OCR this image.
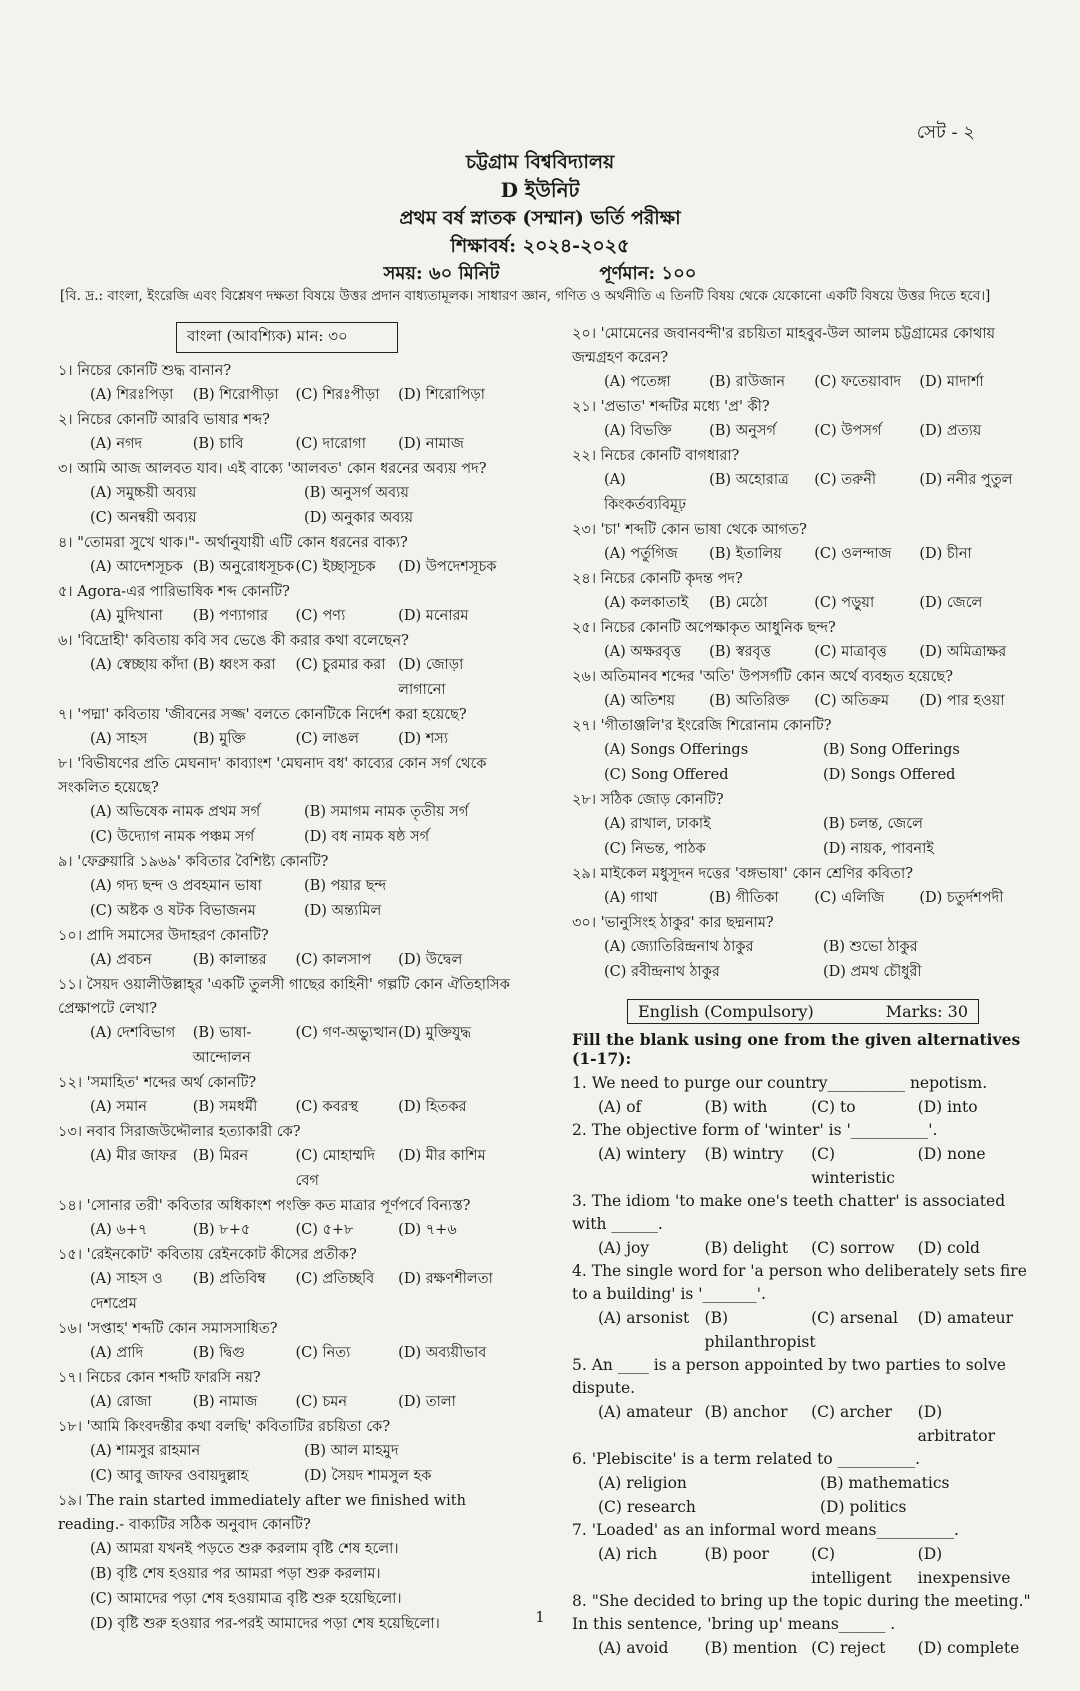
সেট - ২
চট্টগ্রাম বিশ্ববিদ্যালয়
D ইউনিট
প্রথম বর্ষ স্নাতক (সম্মান) ভর্তি পরীক্ষা
শিক্ষাবর্ষ: ২০২৪-২০২৫
সময়: ৬০ মিনিট	পূর্ণমান: ১০০
[বি. দ্র.: বাংলা, ইংরেজি এবং বিশ্লেষণ দক্ষতা বিষয়ে উত্তর প্রদান বাধ্যতামূলক। সাধারণ জ্ঞান, গণিত ও অর্থনীতি এ তিনটি বিষয় থেকে যেকোনো একটি বিষয়ে উত্তর দিতে হবে।]
বাংলা (আবশ্যিক) মান: ৩০
১। নিচের কোনটি শুদ্ধ বানান?
(A) শিরঃপিড়া	(B) শিরোপীড়া	(C) শিরঃপীড়া	(D) শিরোপিড়া
২। নিচের কোনটি আরবি ভাষার শব্দ?
(A) নগদ	(B) চাবি	(C) দারোগা	(D) নামাজ
৩। আমি আজ আলবত যাব। এই বাক্যে 'আলবত' কোন ধরনের অব্যয় পদ?
(A) সমুচ্চয়ী অব্যয়	(B) অনুসর্গ অব্যয়
(C) অনন্বয়ী অব্যয়	(D) অনুকার অব্যয়
৪। "তোমরা সুখে থাক।"- অর্থানুযায়ী এটি কোন ধরনের বাক্য?
(A) আদেশসূচক (B) অনুরোধসূচক (C) ইচ্ছাসূচক	(D) উপদেশসূচক
৫। Agora-এর পারিভাষিক শব্দ কোনটি?
(A) মুদিখানা	(B) পণ্যাগার	(C) পণ্য	(D) মনোরম
৬। 'বিদ্রোহী' কবিতায় কবি সব ভেঙে কী করার কথা বলেছেন?
(A) স্বেচ্ছায় কাঁদা (B) ধ্বংস করা	(C) চুরমার করা (D) জোড়া লাগানো
৭। 'পদ্মা' কবিতায় 'জীবনের সজ্জ' বলতে কোনটিকে নির্দেশ করা হয়েছে?
(A) সাহস	(B) মুক্তি	(C) লাঙল	(D) শস্য
৮। 'বিভীষণের প্রতি মেঘনাদ' কাব্যাংশ 'মেঘনাদ বধ' কাব্যের কোন সর্গ থেকে সংকলিত হয়েছে?
(A) অভিষেক নামক প্রথম সর্গ	(B) সমাগম নামক তৃতীয় সর্গ
(C) উদ্যোগ নামক পঞ্চম সর্গ	(D) বধ নামক ষষ্ঠ সর্গ
৯। 'ফেব্রুয়ারি ১৯৬৯' কবিতার বৈশিষ্ট্য কোনটি?
(A) গদ্য ছন্দ ও প্রবহমান ভাষা	(B) পয়ার ছন্দ
(C) অষ্টক ও ষটক বিভাজনম	(D) অন্ত্যমিল
১০। প্রাদি সমাসের উদাহরণ কোনটি?
(A) প্রবচন	(B) কালান্তর	(C) কালসাপ	(D) উদ্বেল
১১। সৈয়দ ওয়ালীউল্লাহ্‌র 'একটি তুলসী গাছের কাহিনী' গল্পটি কোন ঐতিহাসিক প্রেক্ষাপটে লেখা?
(A) দেশবিভাগ	(B) ভাষা-আন্দোলন
(C) গণ-অভ্যুত্থান (D) মুক্তিযুদ্ধ
১২। 'সমাহিত' শব্দের অর্থ কোনটি?
(A) সমান	(B) সমধর্মী	(C) কবরস্থ	(D) হিতকর
১৩। নবাব সিরাজউদ্দৌলার হত্যাকারী কে?
(A) মীর জাফর	(B) মিরন	(C) মোহাম্মদি বেগ
(D) মীর কাশিম
১৪। 'সোনার তরী' কবিতার অধিকাংশ পংক্তি কত মাত্রার পূর্ণপর্বে বিন্যস্ত?
(A) ৬+৭	(B) ৮+৫	(C) ৫+৮	(D) ৭+৬
১৫। 'রেইনকোট' কবিতায় রেইনকোট কীসের প্রতীক?
(A) সাহস ও দেশপ্রেম
(B) প্রতিবিম্ব	(C) প্রতিচ্ছবি	(D) রক্ষণশীলতা
১৬। 'সপ্তাহ' শব্দটি কোন সমাসসাধিত?
(A) প্রাদি	(B) দ্বিগু	(C) নিত্য	(D) অব্যয়ীভাব
১৭। নিচের কোন শব্দটি ফারসি নয়?
(A) রোজা	(B) নামাজ	(C) চমন	(D) তালা
১৮। 'আমি কিংবদন্তীর কথা বলছি' কবিতাটির রচয়িতা কে?
(A) শামসুর রাহমান	(B) আল মাহমুদ
(C) আবু জাফর ওবায়দুল্লাহ	(D) সৈয়দ শামসুল হক
১৯। The rain started immediately after we finished with reading.- বাক্যটির সঠিক অনুবাদ কোনটি?
(A) আমরা যখনই পড়তে শুরু করলাম বৃষ্টি শেষ হলো।
(B) বৃষ্টি শেষ হওয়ার পর আমরা পড়া শুরু করলাম।
(C) আমাদের পড়া শেষ হওয়ামাত্র বৃষ্টি শুরু হয়েছিলো।
(D) বৃষ্টি শুরু হওয়ার পর-পরই আমাদের পড়া শেষ হয়েছিলো।
২০। 'মোমেনের জবানবন্দী'র রচয়িতা মাহবুব-উল আলম চট্টগ্রামের কোথায় জন্মগ্রহণ করেন?
(A) পতেঙ্গা	(B) রাউজান	(C) ফতেয়াবাদ	(D) মাদার্শা
২১। 'প্রভাত' শব্দটির মধ্যে 'প্র' কী?
(A) বিভক্তি	(B) অনুসর্গ	(C) উপসর্গ	(D) প্রত্যয়
২২। নিচের কোনটি বাগধারা?
(A) কিংকর্তব্যবিমূঢ়
(B) অহোরাত্র	(C) তরুনী	(D) ননীর পুতুল
২৩। 'চা' শব্দটি কোন ভাষা থেকে আগত?
(A) পর্তুগিজ	(B) ইতালিয়	(C) ওলন্দাজ	(D) চীনা
২৪। নিচের কোনটি কৃদন্ত পদ?
(A) কলকাতাই	(B) মেঠো	(C) পড়ুয়া	(D) জেলে
২৫। নিচের কোনটি অপেক্ষাকৃত আধুনিক ছন্দ?
(A) অক্ষরবৃত্ত	(B) স্বরবৃত্ত	(C) মাত্রাবৃত্ত	(D) অমিত্রাক্ষর
২৬। অতিমানব শব্দের 'অতি' উপসর্গটি কোন অর্থে ব্যবহৃত হয়েছে?
(A) অতিশয়	(B) অতিরিক্ত	(C) অতিক্রম	(D) পার হওয়া
২৭। 'গীতাঞ্জলি'র ইংরেজি শিরোনাম কোনটি?
(A) Songs Offerings	(B) Song Offerings
(C) Song Offered	(D) Songs Offered
২৮। সঠিক জোড় কোনটি?
(A) রাখাল, ঢাকাই	(B) চলন্ত, জেলে
(C) নিভন্ত, পাঠক	(D) নায়ক, পাবনাই
২৯। মাইকেল মধুসূদন দত্তের 'বঙ্গভাষা' কোন শ্রেণির কবিতা?
(A) গাথা	(B) গীতিকা	(C) এলিজি	(D) চতুর্দশপদী
৩০। 'ভানুসিংহ ঠাকুর' কার ছদ্মনাম?
(A) জ্যোতিরিন্দ্রনাথ ঠাকুর	(B) শুভো ঠাকুর
(C) রবীন্দ্রনাথ ঠাকুর	(D) প্রমথ চৌধুরী
English (Compulsory)	Marks: 30
Fill the blank using one from the given alternatives (1-17):
1. We need to purge our country__________ nepotism.
(A) of	(B) with	(C) to	(D) into
2. The objective form of 'winter' is '__________'.
(A) wintery	(B) wintry	(C) winteristic
(D) none
3. The idiom 'to make one's teeth chatter' is associated with ______.
(A) joy	(B) delight	(C) sorrow	(D) cold
4. The single word for 'a person who deliberately sets fire to a building' is '_______'.
(A) arsonist (B) philanthropist
(C) arsenal	(D) amateur
5. An ____ is a person appointed by two parties to solve dispute.
(A) amateur (B) anchor	(C) archer	(D) arbitrator
6. 'Plebiscite' is a term related to __________.
(A) religion	(B) mathematics
(C) research	(D) politics
7. 'Loaded' as an informal word means__________.
(A) rich	(B) poor	(C) intelligent
(D) inexpensive
8. "She decided to bring up the topic during the meeting." In this sentence, 'bring up' means______ .
(A) avoid	(B) mention (C) reject	(D) complete
1
